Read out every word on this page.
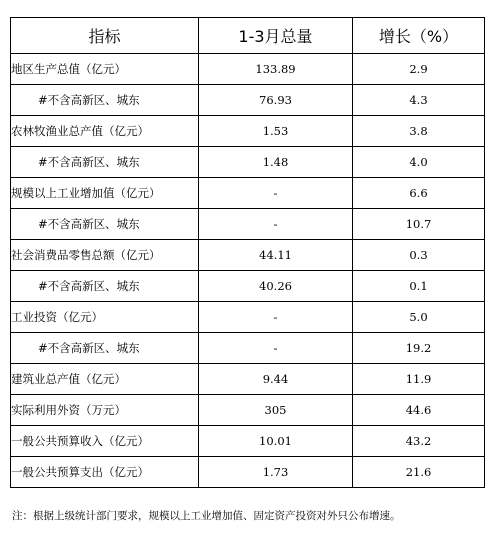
指标	1-3月总量	增长（%）
地区生产总值（亿元）	133.89	2.9
#不含高新区、城东	76.93	4.3
农林牧渔业总产值（亿元）	1.53	3.8
#不含高新区、城东	1.48	4.0
规模以上工业增加值（亿元）	-	6.6
#不含高新区、城东	-	10.7
社会消费品零售总额（亿元）	44.11	0.3
#不含高新区、城东	40.26	0.1
工业投资（亿元）	-	5.0
#不含高新区、城东	-	19.2
建筑业总产值（亿元）	9.44	11.9
实际利用外资（万元）	305	44.6
一般公共预算收入（亿元）	10.01	43.2
一般公共预算支出（亿元）	1.73	21.6
注：根据上级统计部门要求，规模以上工业增加值、固定资产投资对外只公布增速。
